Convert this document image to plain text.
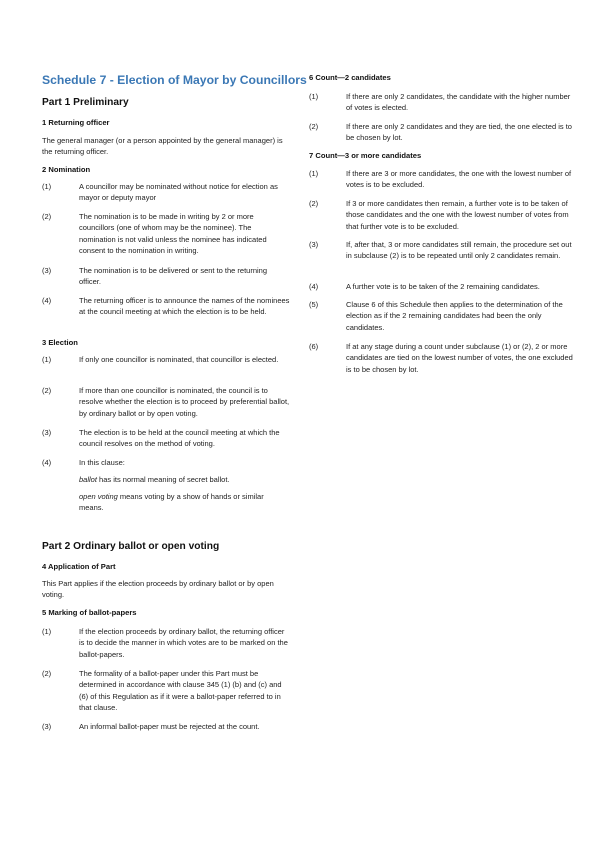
Schedule 7 - Election of Mayor by Councillors
Part 1 Preliminary
1 Returning officer
The general manager (or a person appointed by the general manager) is the returning officer.
2 Nomination
(1)	A councillor may be nominated without notice for election as mayor or deputy mayor
(2)	The nomination is to be made in writing by 2 or more councillors (one of whom may be the nominee). The nomination is not valid unless the nominee has indicated consent to the nomination in writing.
(3)	The nomination is to be delivered or sent to the returning officer.
(4)	The returning officer is to announce the names of the nominees at the council meeting at which the election is to be held.
3 Election
(1)	If only one councillor is nominated, that councillor is elected.
(2)	If more than one councillor is nominated, the council is to resolve whether the election is to proceed by preferential ballot, by ordinary ballot or by open voting.
(3)	The election is to be held at the council meeting at which the council resolves on the method of voting.
(4)	In this clause:
ballot has its normal meaning of secret ballot.
open voting means voting by a show of hands or similar means.
Part 2 Ordinary ballot or open voting
4 Application of Part
This Part applies if the election proceeds by ordinary ballot or by open voting.
5 Marking of ballot-papers
(1)	If the election proceeds by ordinary ballot, the returning officer is to decide the manner in which votes are to be marked on the ballot-papers.
(2)	The formality of a ballot-paper under this Part must be determined in accordance with clause 345 (1) (b) and (c) and (6) of this Regulation as if it were a ballot-paper referred to in that clause.
(3)	An informal ballot-paper must be rejected at the count.
6 Count—2 candidates
(1)	If there are only 2 candidates, the candidate with the higher number of votes is elected.
(2)	If there are only 2 candidates and they are tied, the one elected is to be chosen by lot.
7 Count—3 or more candidates
(1)	If there are 3 or more candidates, the one with the lowest number of votes is to be excluded.
(2)	If 3 or more candidates then remain, a further vote is to be taken of those candidates and the one with the lowest number of votes from that further vote is to be excluded.
(3)	If, after that, 3 or more candidates still remain, the procedure set out in subclause (2) is to be repeated until only 2 candidates remain.
(4)	A further vote is to be taken of the 2 remaining candidates.
(5)	Clause 6 of this Schedule then applies to the determination of the election as if the 2 remaining candidates had been the only candidates.
(6)	If at any stage during a count under subclause (1) or (2), 2 or more candidates are tied on the lowest number of votes, the one excluded is to be chosen by lot.
